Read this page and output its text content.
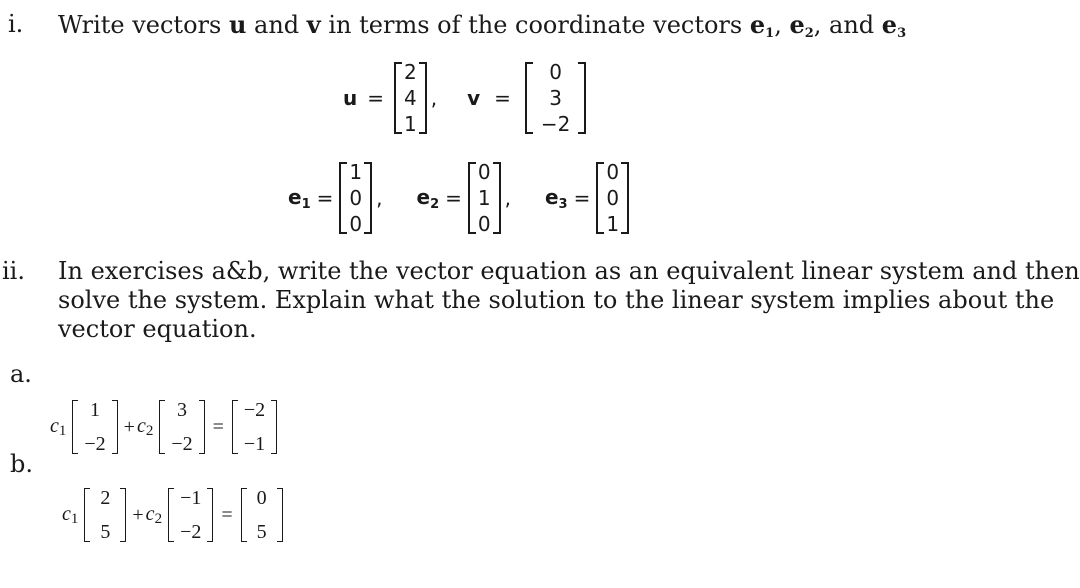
i. Write vectors u and v in terms of the coordinate vectors $e_1$, $e_2$, and $e_3$
u =
2
4
1
, v =
0
3
−2
$e_1$ =
1
0
0
, $e_2$ =
0
1
0
, $e_3$ =
0
0
1
ii. In exercises a&b, write the vector equation as an equivalent linear system and then
solve the system. Explain what the solution to the linear system implies about the
vector equation.
a.
c1
1
−2
+ c2
3
−2
=
−2
−1
b.
c1
2
5
+ c2
−1
−2
=
0
5
